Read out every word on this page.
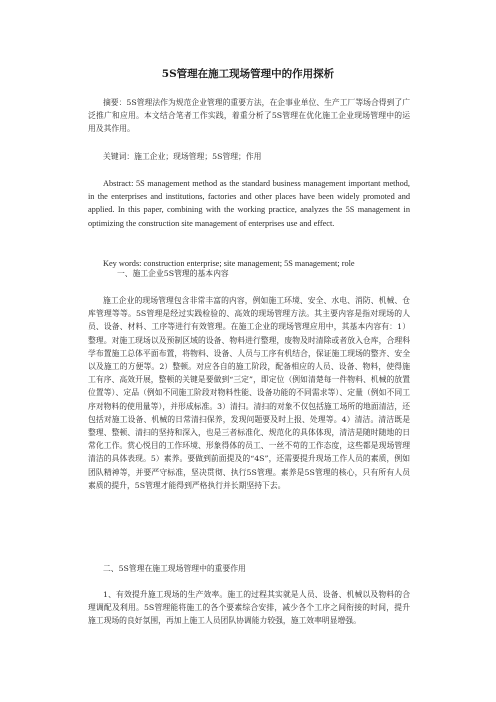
5S管理在施工现场管理中的作用探析

摘要：5S管理法作为规范企业管理的重要方法，在企事业单位、生产工厂等场合得到了广泛推广和应用。本文结合笔者工作实践，着重分析了5S管理在优化施工企业现场管理中的运用及其作用。

关键词：施工企业；现场管理；5S管理；作用

Abstract: 5S management method as the standard business management important method, in the enterprises and institutions, factories and other places have been widely promoted and applied. In this paper, combining with the working practice, analyzes the 5S management in optimizing the construction site management of enterprises use and effect.

Key words: construction enterprise; site management; 5S management; role

一、施工企业5S管理的基本内容

施工企业的现场管理包含非常丰富的内容，例如施工环境、安全、水电、消防、机械、仓库管理等等。5S管理是经过实践检验的、高效的现场管理方法。其主要内容是指对现场的人员、设备、材料、工序等进行有效管理。在施工企业的现场管理应用中，其基本内容有：1）整理。对施工现场以及预制区域的设备、物料进行整理，废物及时清除或者放入仓库，合理科学布置施工总体平面布置，将物料、设备、人员与工序有机结合，保证施工现场的整齐、安全以及施工的方便等。2）整顿。对应各自的施工阶段，配备相应的人员、设备、物料，使得施工有序、高效开展，整顿的关键是要做到“三定”，即定位（例如清楚每一件物料、机械的放置位置等）、定品（例如不同施工阶段对物料性能、设备功能的不同需求等）、定量（例如不同工序对物料的使用量等），并形成标准。3）清扫。清扫的对象不仅包括施工场所的地面清洁，还包括对施工设备、机械的日常清扫保养，发现问题要及时上报、处理等。4）清洁。清洁既是整理、整顿、清扫的坚持和深入，也是三者标准化、规范化的具体体现，清洁是随时随地的日常化工作。赏心悦目的工作环境、形象得体的员工、一丝不苟的工作态度，这些都是现场管理清洁的具体表现。5）素养。要做到前面提及的“4S”，还需要提升现场工作人员的素质，例如团队精神等，并要严守标准，坚决贯彻、执行5S管理。素养是5S管理的核心，只有所有人员素质的提升，5S管理才能得到严格执行并长期坚持下去。

二、5S管理在施工现场管理中的重要作用

1、有效提升施工现场的生产效率。施工的过程其实就是人员、设备、机械以及物料的合理调配及利用。5S管理能将施工的各个要素综合安排，减少各个工序之间衔接的时间，提升施工现场的良好氛围，再加上施工人员团队协调能力较强，施工效率明显增强。
